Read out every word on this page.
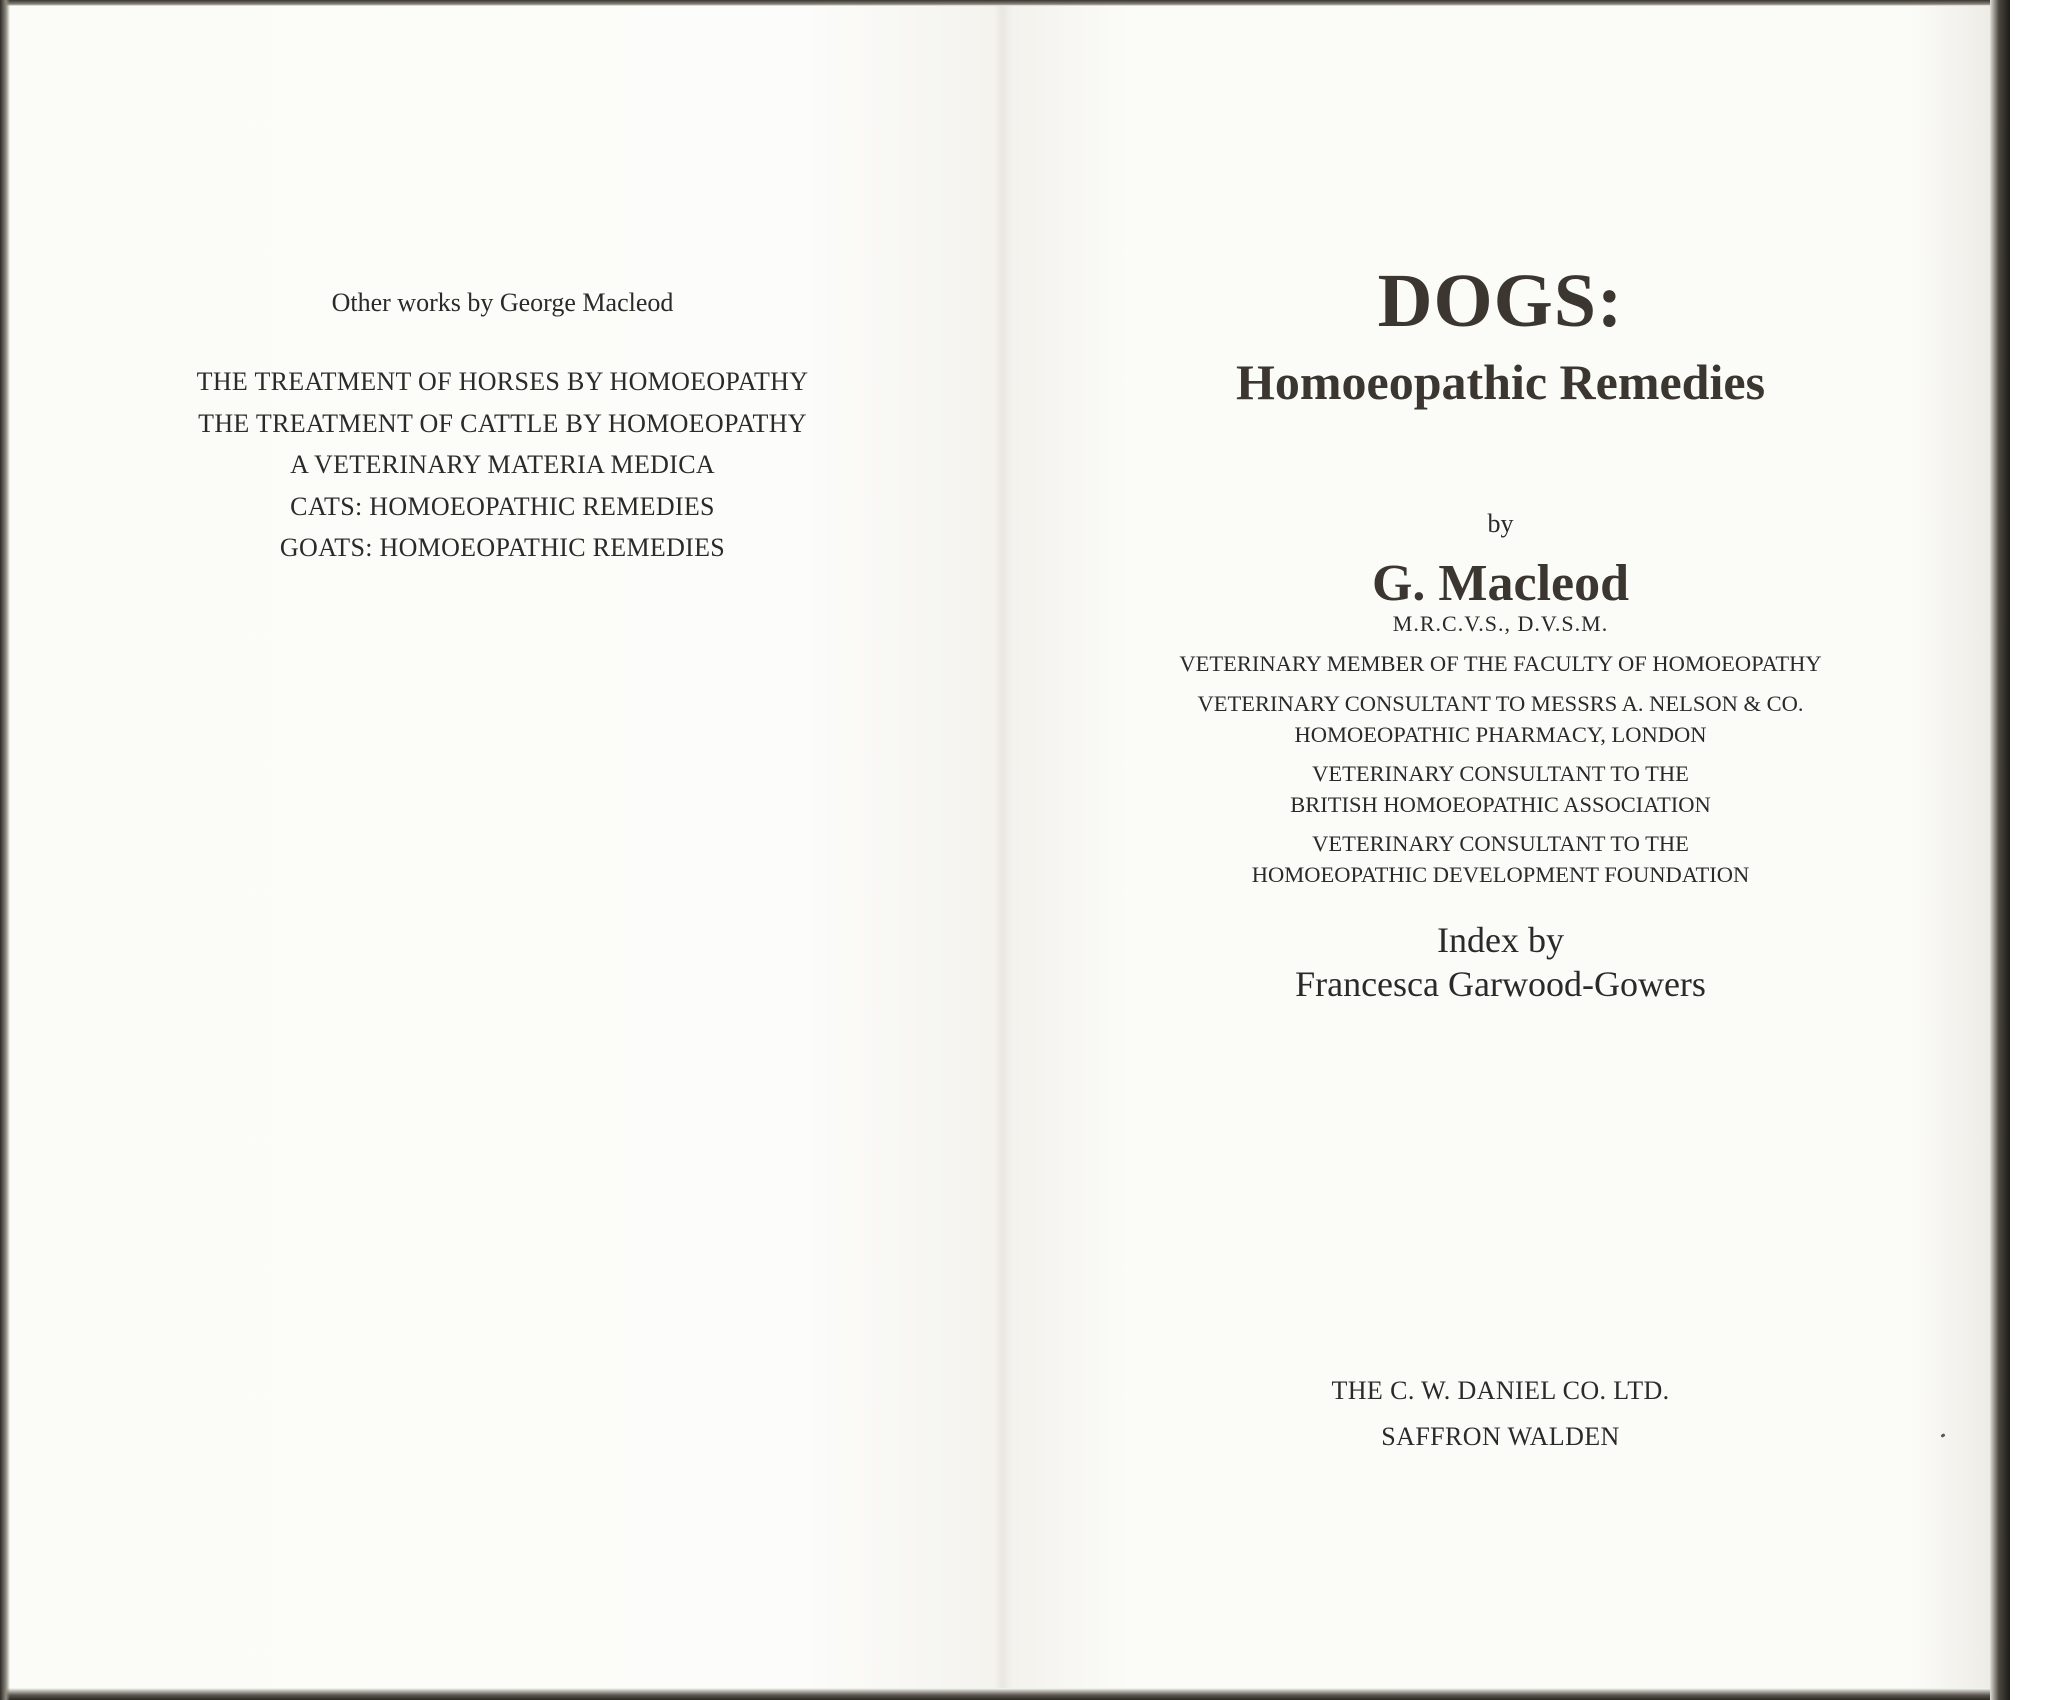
Other works by George Macleod
THE TREATMENT OF HORSES BY HOMOEOPATHY
THE TREATMENT OF CATTLE BY HOMOEOPATHY
A VETERINARY MATERIA MEDICA
CATS: HOMOEOPATHIC REMEDIES
GOATS: HOMOEOPATHIC REMEDIES
DOGS:
Homoeopathic Remedies
by
G. Macleod
M.R.C.V.S., D.V.S.M.
VETERINARY MEMBER OF THE FACULTY OF HOMOEOPATHY
VETERINARY CONSULTANT TO MESSRS A. NELSON & CO.
HOMOEOPATHIC PHARMACY, LONDON
VETERINARY CONSULTANT TO THE
BRITISH HOMOEOPATHIC ASSOCIATION
VETERINARY CONSULTANT TO THE
HOMOEOPATHIC DEVELOPMENT FOUNDATION
Index by
Francesca Garwood-Gowers
THE C. W. DANIEL CO. LTD.
SAFFRON WALDEN
